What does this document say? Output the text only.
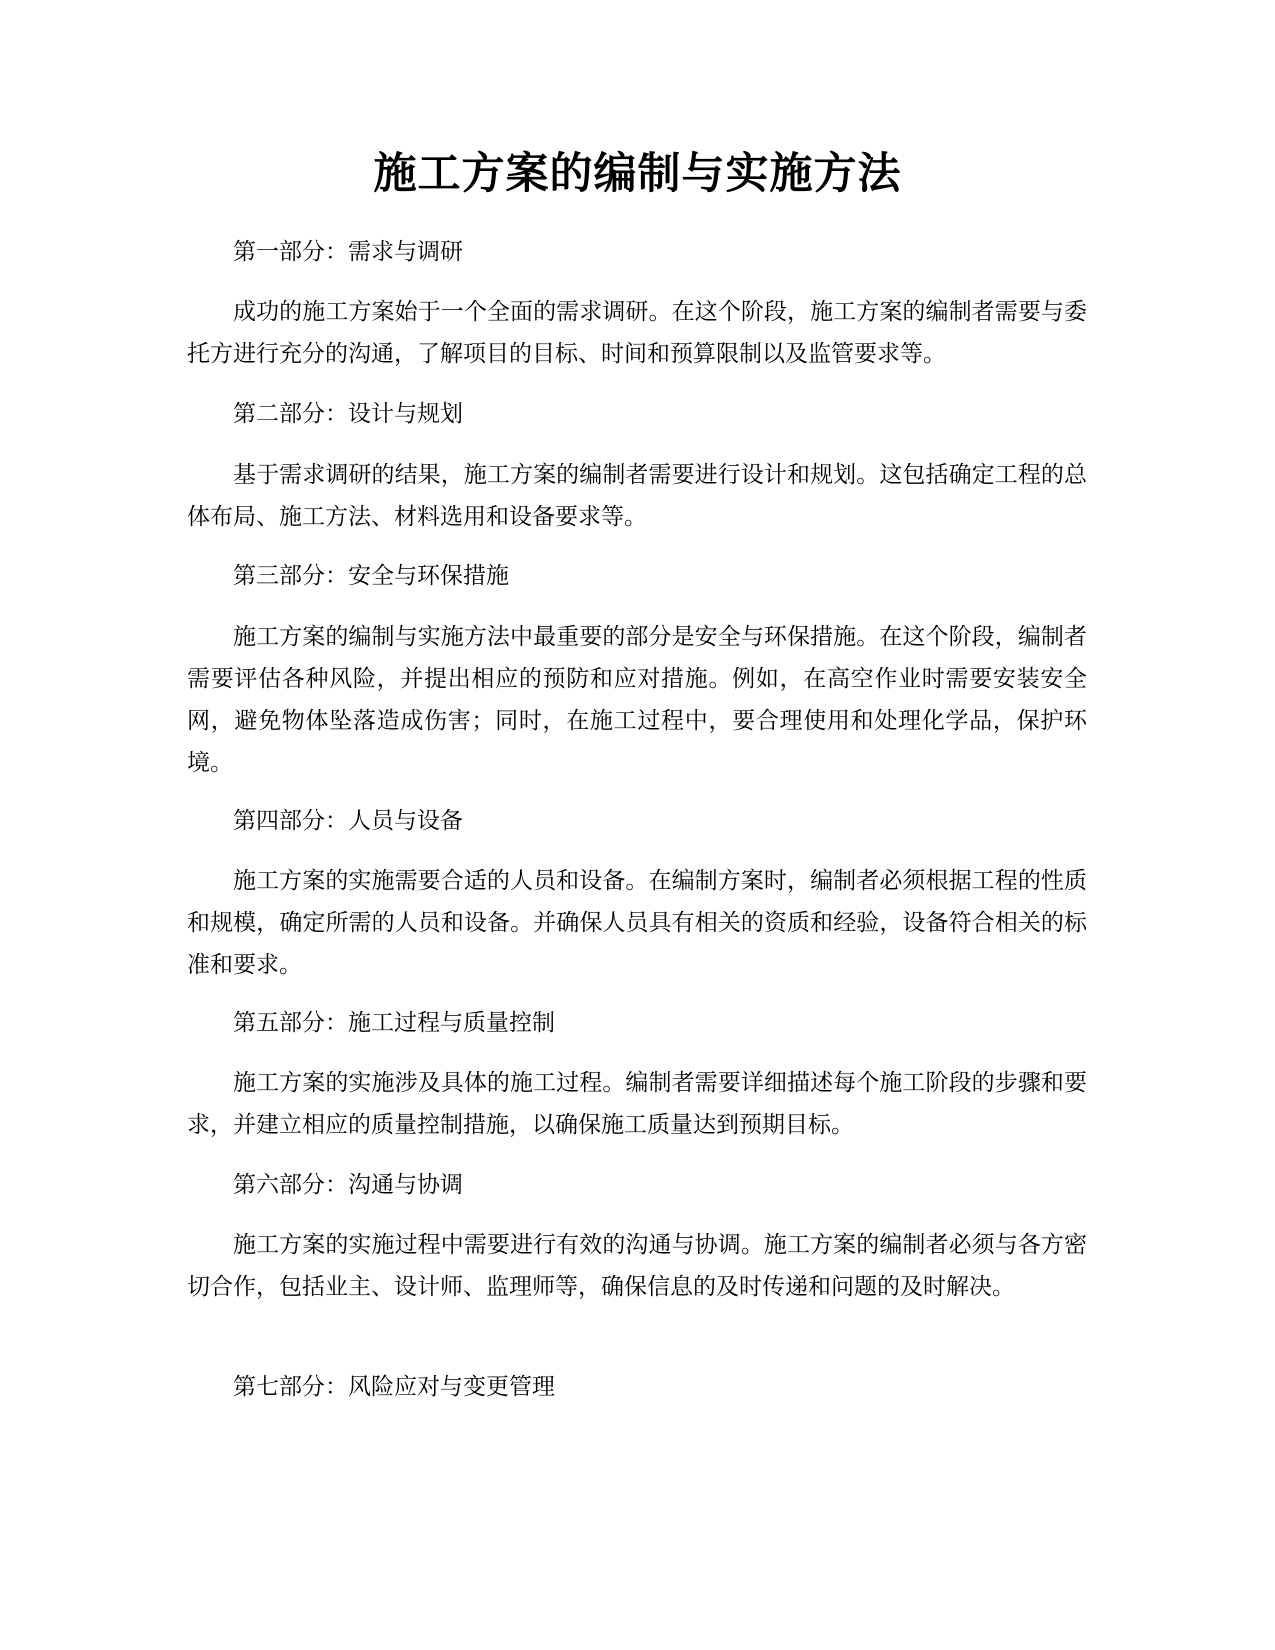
施工方案的编制与实施方法

第一部分：需求与调研

成功的施工方案始于一个全面的需求调研。在这个阶段，施工方案的编制者需要与委托方进行充分的沟通，了解项目的目标、时间和预算限制以及监管要求等。

第二部分：设计与规划

基于需求调研的结果，施工方案的编制者需要进行设计和规划。这包括确定工程的总体布局、施工方法、材料选用和设备要求等。

第三部分：安全与环保措施

施工方案的编制与实施方法中最重要的部分是安全与环保措施。在这个阶段，编制者需要评估各种风险，并提出相应的预防和应对措施。例如，在高空作业时需要安装安全网，避免物体坠落造成伤害；同时，在施工过程中，要合理使用和处理化学品，保护环境。

第四部分：人员与设备

施工方案的实施需要合适的人员和设备。在编制方案时，编制者必须根据工程的性质和规模，确定所需的人员和设备。并确保人员具有相关的资质和经验，设备符合相关的标准和要求。

第五部分：施工过程与质量控制

施工方案的实施涉及具体的施工过程。编制者需要详细描述每个施工阶段的步骤和要求，并建立相应的质量控制措施，以确保施工质量达到预期目标。

第六部分：沟通与协调

施工方案的实施过程中需要进行有效的沟通与协调。施工方案的编制者必须与各方密切合作，包括业主、设计师、监理师等，确保信息的及时传递和问题的及时解决。

第七部分：风险应对与变更管理
